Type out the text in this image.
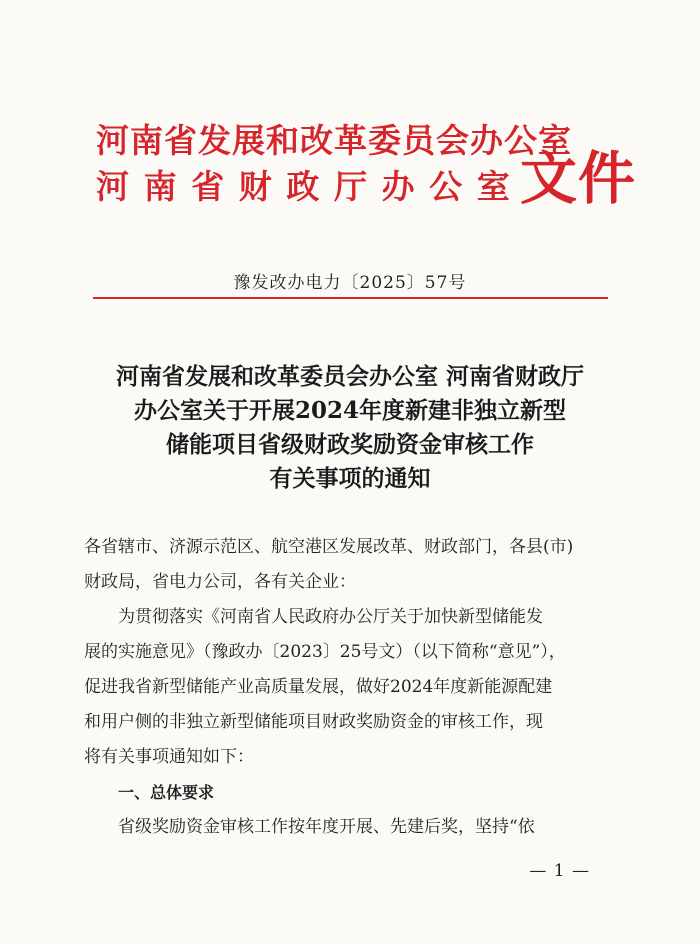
河南省发展和改革委员会办公室
河南省财政厅办公室
文件
豫发改办电力〔2025〕57号
河南省发展和改革委员会办公室 河南省财政厅
办公室关于开展2024年度新建非独立新型
储能项目省级财政奖励资金审核工作
有关事项的通知
各省辖市、济源示范区、航空港区发展改革、财政部门，各县(市)
财政局，省电力公司，各有关企业：
为贯彻落实《河南省人民政府办公厅关于加快新型储能发
展的实施意见》（豫政办〔2023〕25号文）（以下简称“意见”），
促进我省新型储能产业高质量发展，做好2024年度新能源配建
和用户侧的非独立新型储能项目财政奖励资金的审核工作，现
将有关事项通知如下：
一、总体要求
省级奖励资金审核工作按年度开展、先建后奖，坚持“依
— 1 —
